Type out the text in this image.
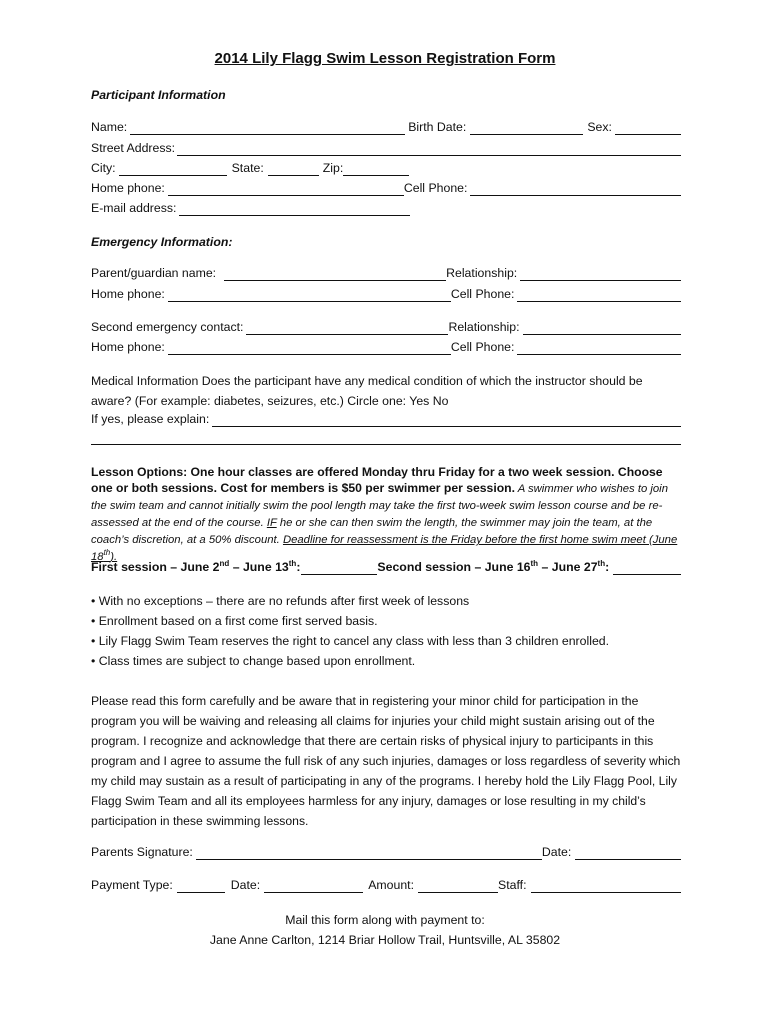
2014 Lily Flagg Swim Lesson Registration Form
Participant Information
Name:	Birth Date:	Sex:
Street Address:
City:	State:	Zip:
Home phone:	Cell Phone:
E-mail address:
Emergency Information:
Parent/guardian name:	Relationship:
Home phone:	Cell Phone:
Second emergency contact:	Relationship:
Home phone:	Cell Phone:
Medical Information Does the participant have any medical condition of which the instructor should be
aware? (For example: diabetes, seizures, etc.) Circle one: Yes No
If yes, please explain:
Lesson Options: One hour classes are offered Monday thru Friday for a two week session. Choose one or both sessions. Cost for members is $50 per swimmer per session. A swimmer who wishes to join the swim team and cannot initially swim the pool length may take the first two-week swim lesson course and be re-assessed at the end of the course. IF he or she can then swim the length, the swimmer may join the team, at the coach’s discretion, at a 50% discount. Deadline for reassessment is the Friday before the first home swim meet (June 18th).
First session – June 2nd – June 13th:	Second session – June 16th – June 27th:
• With no exceptions – there are no refunds after first week of lessons
• Enrollment based on a first come first served basis.
• Lily Flagg Swim Team reserves the right to cancel any class with less than 3 children enrolled.
• Class times are subject to change based upon enrollment.
Please read this form carefully and be aware that in registering your minor child for participation in the program you will be waiving and releasing all claims for injuries your child might sustain arising out of the program. I recognize and acknowledge that there are certain risks of physical injury to participants in this program and I agree to assume the full risk of any such injuries, damages or loss regardless of severity which my child may sustain as a result of participating in any of the programs. I hereby hold the Lily Flagg Pool, Lily Flagg Swim Team and all its employees harmless for any injury, damages or lose resulting in my child’s participation in these swimming lessons.
Parents Signature:	Date:
Payment Type:	Date:	Amount:	Staff:
Mail this form along with payment to:
Jane Anne Carlton, 1214 Briar Hollow Trail, Huntsville, AL 35802
